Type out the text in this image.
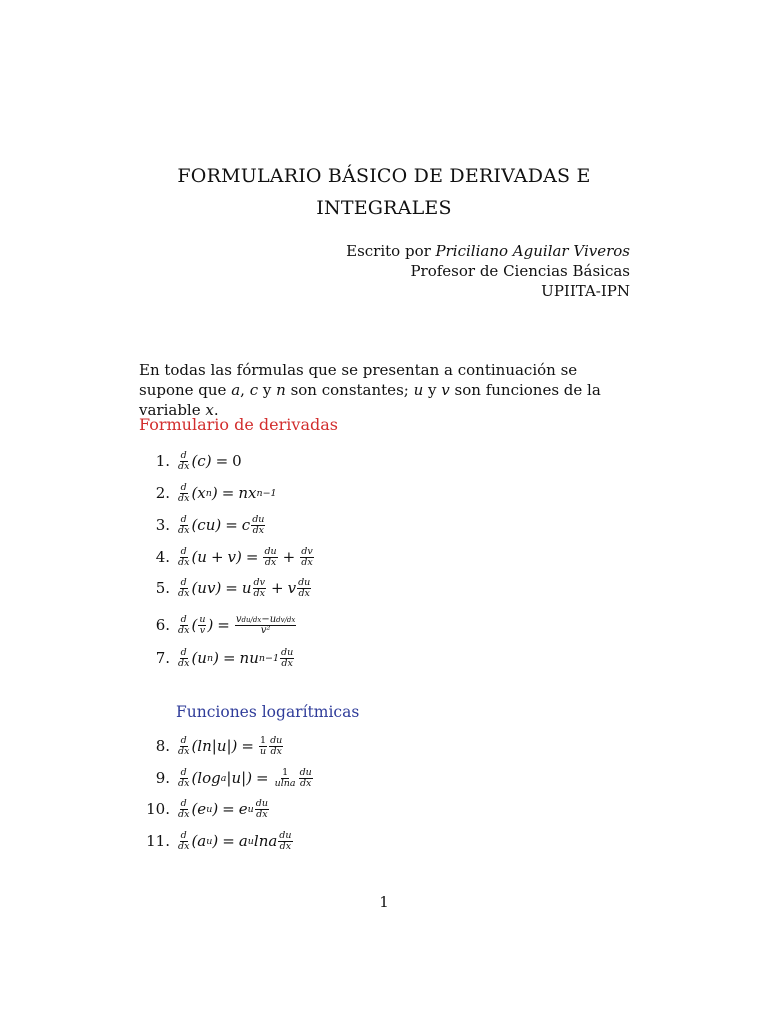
FORMULARIO BÁSICO DE DERIVADAS E
INTEGRALES
Escrito por Priciliano Aguilar Viveros
Profesor de Ciencias Básicas
UPIITA-IPN
En todas las fórmulas que se presentan a continuación se supone que a, c y n son constantes; u y v son funciones de la variable x.
Formulario de derivadas
1. $\frac{d}{dx} (c) = 0$
2. $\frac{d}{dx} (x$ n ) = nx n−1
3. $\frac{d}{dx} (cu) = c \frac{du}{dx}$
4. $\frac{d}{dx} (u + v) = \frac{du}{dx} + \frac{dv}{dx}$
5. $\frac{d}{dx} (uv) = u \frac{dv}{dx} + v \frac{du}{dx}$
6. $\frac{d}{dx}$ ( $\frac{u}{v}$ ) = $\frac{\text{vdu/dx−udv/dx}}{\text{v²}}$
7. $\frac{d}{dx} (u$ n ) = nu $n-1 \frac{du}{dx}$
Funciones logarítmicas
8. $\frac{d}{dx} (\ln|u|) = \frac{1}{u} \frac{du}{dx}$
9. $\frac{d}{dx} (\log$ a $|u|) = \frac{1}{ulna} \frac{du}{dx}$
10. $\frac{d}{dx} (e$ u ) = e u $\frac{du}{dx}$
11. $\frac{d}{dx} (a$ u ) = a u lna $\frac{du}{dx}$
1
